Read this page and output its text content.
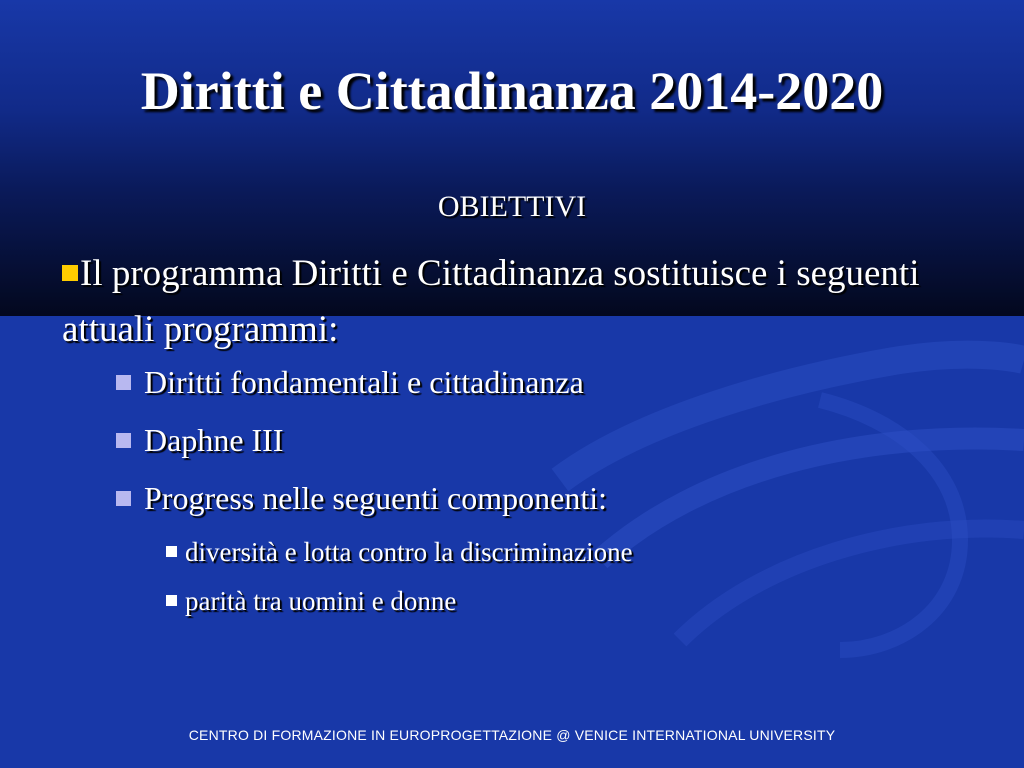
Diritti e Cittadinanza 2014-2020
OBIETTIVI
Il programma Diritti e Cittadinanza sostituisce i seguenti attuali programmi:
Diritti fondamentali e cittadinanza
Daphne III
Progress nelle seguenti componenti:
diversità e lotta contro la discriminazione
parità tra uomini e donne
CENTRO DI FORMAZIONE IN EUROPROGETTAZIONE @ VENICE INTERNATIONAL UNIVERSITY
